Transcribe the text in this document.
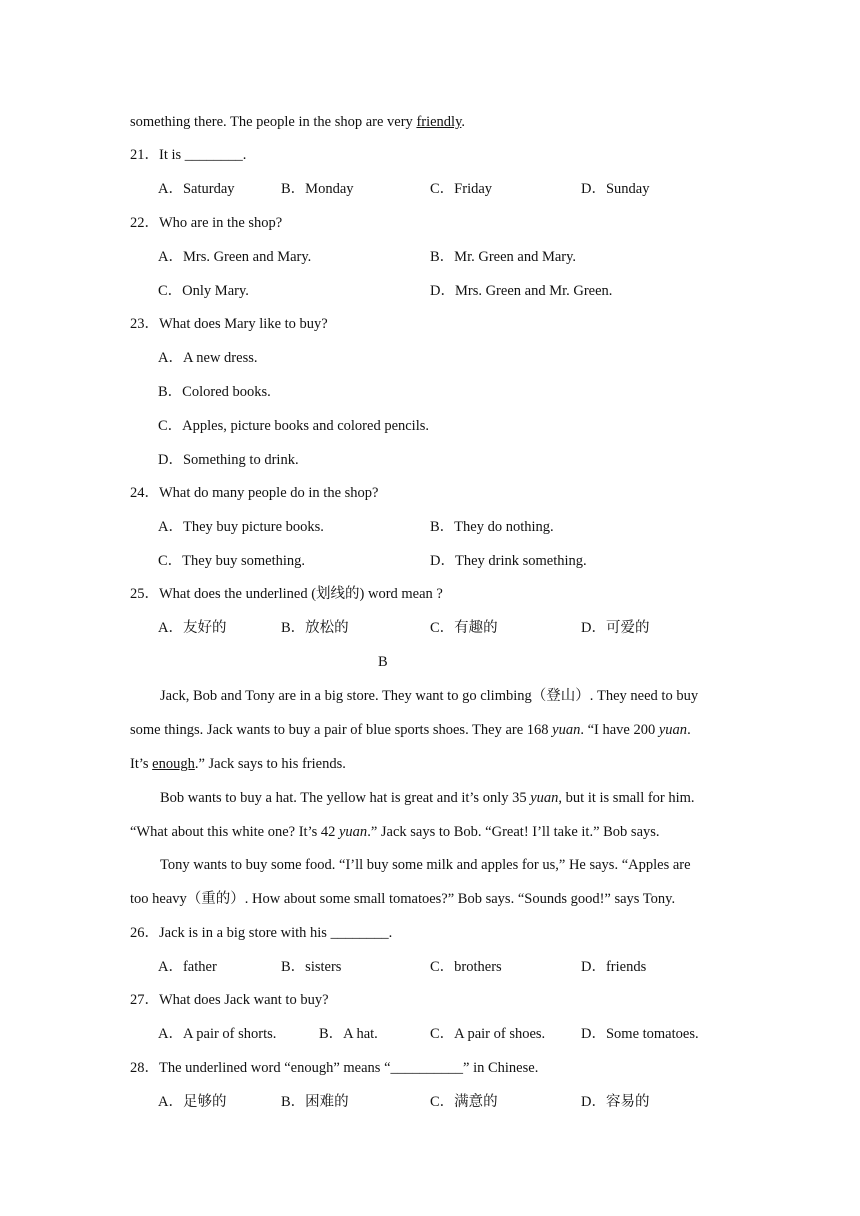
something there. The people in the shop are very friendly.
21．It is ________.
A．Saturday	B．Monday	C．Friday	D．Sunday
22．Who are in the shop?
A．Mrs. Green and Mary.	B．Mr. Green and Mary.
C．Only Mary.	D．Mrs. Green and Mr. Green.
23．What does Mary like to buy?
A．A new dress.
B．Colored books.
C．Apples, picture books and colored pencils.
D．Something to drink.
24．What do many people do in the shop?
A．They buy picture books.	B．They do nothing.
C．They buy something.	D．They drink something.
25．What does the underlined (划线的) word mean ?
A．友好的	B．放松的	C．有趣的	D．可爱的
B
Jack, Bob and Tony are in a big store. They want to go climbing（登山）. They need to buy
some things. Jack wants to buy a pair of blue sports shoes. They are 168 yuan. “I have 200 yuan.
It’s enough.” Jack says to his friends.
Bob wants to buy a hat. The yellow hat is great and it’s only 35 yuan, but it is small for him.
“What about this white one? It’s 42 yuan.” Jack says to Bob. “Great! I’ll take it.” Bob says.
Tony wants to buy some food. “I’ll buy some milk and apples for us,” He says. “Apples are
too heavy（重的）. How about some small tomatoes?” Bob says. “Sounds good!” says Tony.
26．Jack is in a big store with his ________.
A．father	B．sisters	C．brothers	D．friends
27．What does Jack want to buy?
A．A pair of shorts.	B．A hat.	C．A pair of shoes. D．Some tomatoes.
28．The underlined word “enough” means “__________” in Chinese.
A．足够的	B．困难的	C．满意的	D．容易的
